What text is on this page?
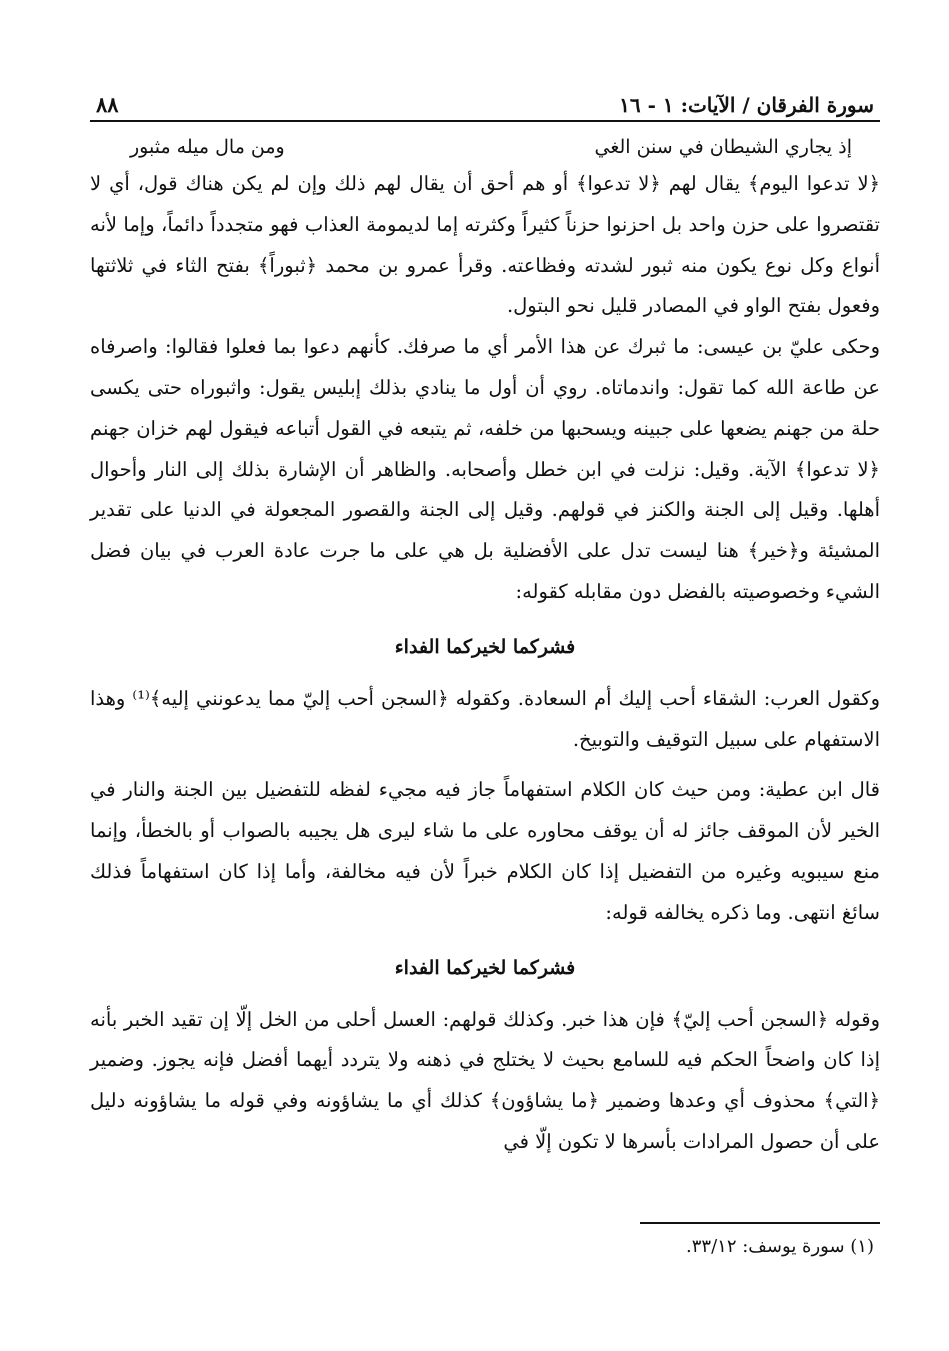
سورة الفرقان / الآيات: ١ - ١٦
٨٨
إذ يجاري الشيطان في سنن الغي
ومن مال ميله مثبور

﴿لا تدعوا اليوم﴾ يقال لهم ﴿لا تدعوا﴾ أو هم أحق أن يقال لهم ذلك وإن لم يكن هناك قول، أي لا تقتصروا على حزن واحد بل احزنوا حزناً كثيراً وكثرته إما لديمومة العذاب فهو متجدداً دائماً، وإما لأنه أنواع وكل نوع يكون منه ثبور لشدته وفظاعته. وقرأ عمرو بن محمد ﴿ثبوراً﴾ بفتح الثاء في ثلاثتها وفعول بفتح الواو في المصادر قليل نحو البتول.

وحكى عليّ بن عيسى: ما ثبرك عن هذا الأمر أي ما صرفك. كأنهم دعوا بما فعلوا فقالوا: واصرفاه عن طاعة الله كما تقول: واندماتاه. روي أن أول ما ينادي بذلك إبليس يقول: واثبوراه حتى يكسى حلة من جهنم يضعها على جبينه ويسحبها من خلفه، ثم يتبعه في القول أتباعه فيقول لهم خزان جهنم ﴿لا تدعوا﴾ الآية. وقيل: نزلت في ابن خطل وأصحابه. والظاهر أن الإشارة بذلك إلى النار وأحوال أهلها. وقيل إلى الجنة والكنز في قولهم. وقيل إلى الجنة والقصور المجعولة في الدنيا على تقدير المشيئة و﴿خير﴾ هنا ليست تدل على الأفضلية بل هي على ما جرت عادة العرب في بيان فضل الشيء وخصوصيته بالفضل دون مقابله كقوله:

فشركما لخيركما الفداء

وكقول العرب: الشقاء أحب إليك أم السعادة. وكقوله ﴿السجن أحب إليّ مما يدعونني إليه﴾⁽¹⁾ وهذا الاستفهام على سبيل التوقيف والتوبيخ.

قال ابن عطية: ومن حيث كان الكلام استفهاماً جاز فيه مجيء لفظه للتفضيل بين الجنة والنار في الخير لأن الموقف جائز له أن يوقف محاوره على ما شاء ليرى هل يجيبه بالصواب أو بالخطأ، وإنما منع سيبويه وغيره من التفضيل إذا كان الكلام خبراً لأن فيه مخالفة، وأما إذا كان استفهاماً فذلك سائغ انتهى. وما ذكره يخالفه قوله:

فشركما لخيركما الفداء

وقوله ﴿السجن أحب إليّ﴾ فإن هذا خبر. وكذلك قولهم: العسل أحلى من الخل إلّا إن تقيد الخبر بأنه إذا كان واضحاً الحكم فيه للسامع بحيث لا يختلج في ذهنه ولا يتردد أيهما أفضل فإنه يجوز. وضمير ﴿التي﴾ محذوف أي وعدها وضمير ﴿ما يشاؤون﴾ كذلك أي ما يشاؤونه وفي قوله ما يشاؤونه دليل على أن حصول المرادات بأسرها لا تكون إلّا في

(١) سورة يوسف: ٣٣/١٢.
